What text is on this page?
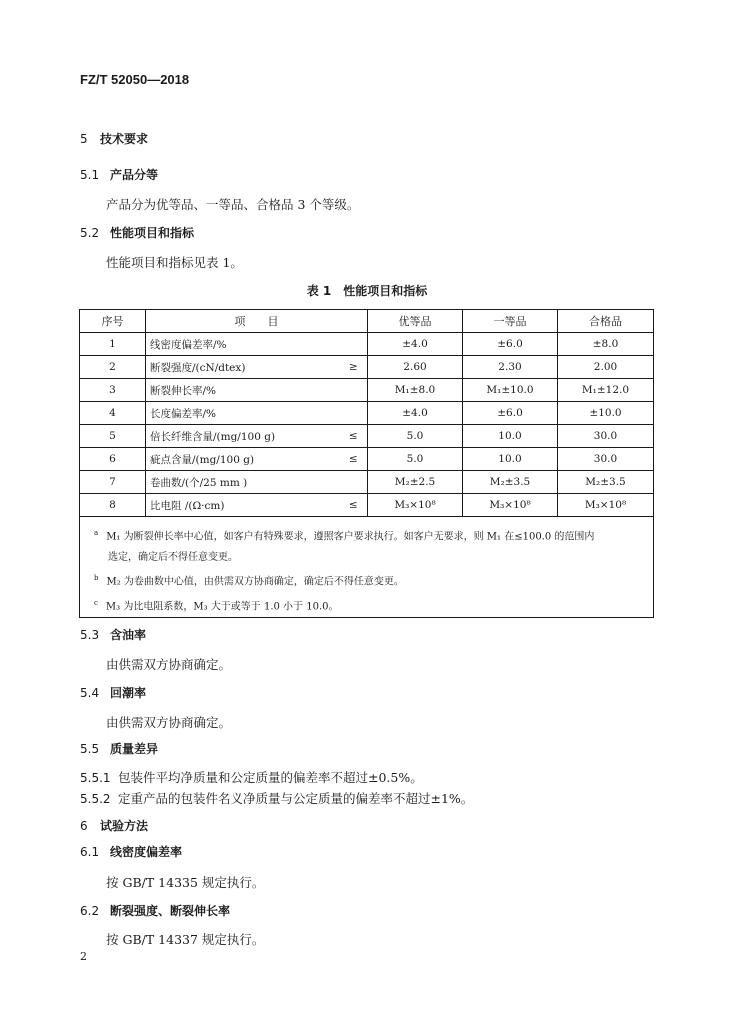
FZ/T 52050—2018
5 技术要求
5.1 产品分等
产品分为优等品、一等品、合格品 3 个等级。
5.2 性能项目和指标
性能项目和指标见表 1。
表 1　性能项目和指标
序号	项　　目		优等品	一等品	合格品
1	线密度偏差率/%		±4.0	±6.0	±8.0
2	断裂强度/(cN/dtex)	≥	2.60	2.30	2.00
3	断裂伸长率/%		M₁±8.0	M₁±10.0	M₁±12.0
4	长度偏差率/%		±4.0	±6.0	±10.0
5	倍长纤维含量/(mg/100 g)	≤	5.0	10.0	30.0
6	疵点含量/(mg/100 g)	≤	5.0	10.0	30.0
7	卷曲数/(个/25 mm )		M₂±2.5	M₂±3.5	M₂±3.5
8	比电阻 /(Ω·cm)	≤	M₃×10⁸	M₃×10⁸	M₃×10⁸

$^a$ M₁ 为断裂伸长率中心值，如客户有特殊要求，遵照客户要求执行。如客户无要求，则 M₁ 在≤100.0 的范围内
选定，确定后不得任意变更。
$^b$ M₂ 为卷曲数中心值，由供需双方协商确定，确定后不得任意变更。
$^c$ M₃ 为比电阻系数，M₃ 大于或等于 1.0 小于 10.0。					
5.3 含油率
由供需双方协商确定。
5.4 回潮率
由供需双方协商确定。
5.5 质量差异
5.5.1 包装件平均净质量和公定质量的偏差率不超过±0.5%。
5.5.2 定重产品的包装件名义净质量与公定质量的偏差率不超过±1%。
6 试验方法
6.1 线密度偏差率
按 GB/T 14335 规定执行。
6.2 断裂强度、断裂伸长率
按 GB/T 14337 规定执行。
2
